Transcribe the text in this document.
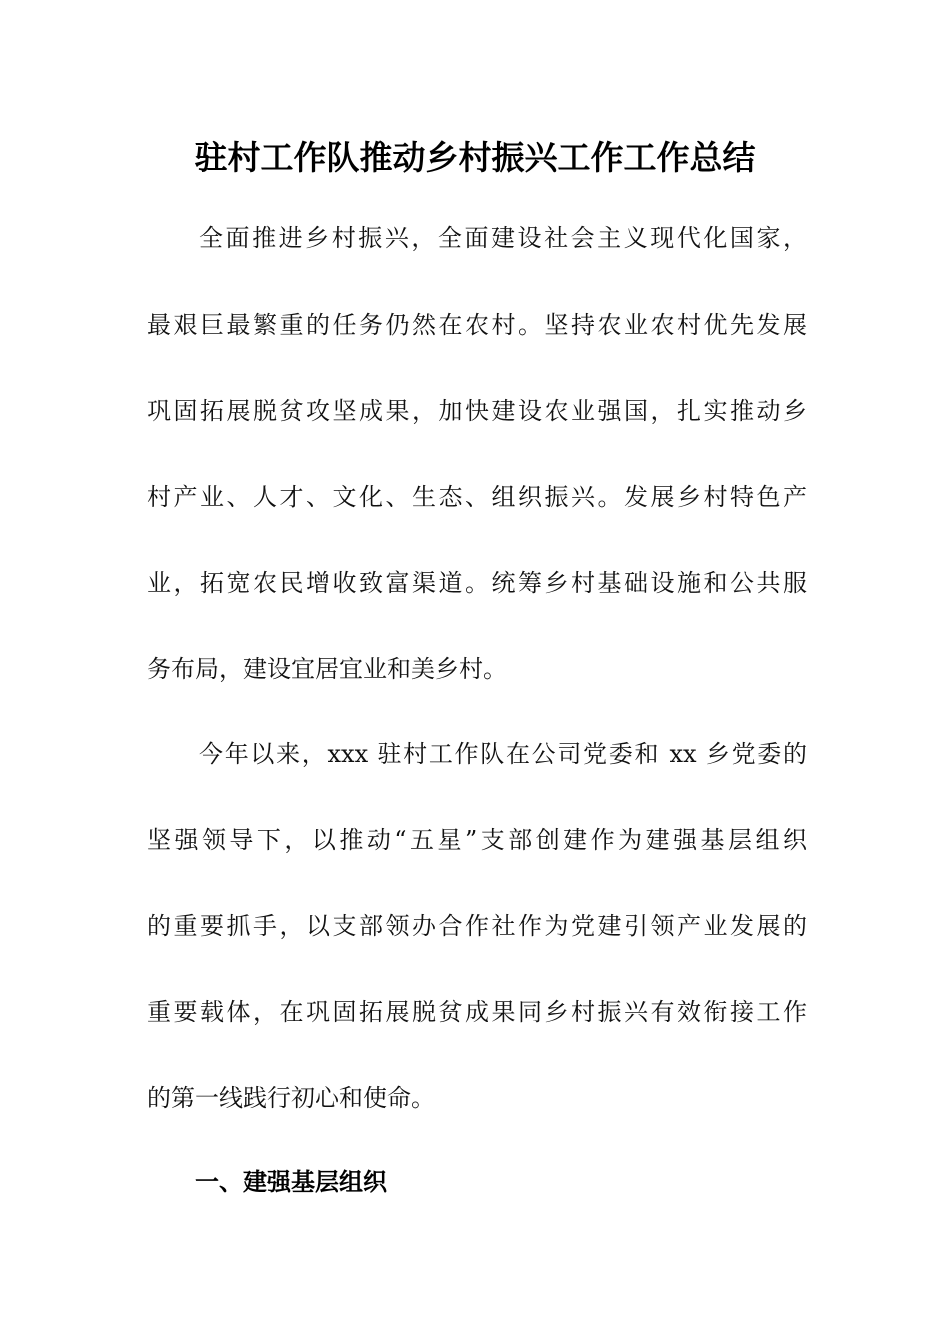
驻村工作队推动乡村振兴工作工作总结
全面推进乡村振兴，全面建设社会主义现代化国家，
最艰巨最繁重的任务仍然在农村。坚持农业农村优先发展
巩固拓展脱贫攻坚成果，加快建设农业强国，扎实推动乡
村产业、人才、文化、生态、组织振兴。发展乡村特色产
业，拓宽农民增收致富渠道。统筹乡村基础设施和公共服
务布局，建设宜居宜业和美乡村。
今年以来，xxx 驻村工作队在公司党委和 xx 乡党委的
坚强领导下，以推动“五星”支部创建作为建强基层组织
的重要抓手，以支部领办合作社作为党建引领产业发展的
重要载体，在巩固拓展脱贫成果同乡村振兴有效衔接工作
的第一线践行初心和使命。
一、建强基层组织
